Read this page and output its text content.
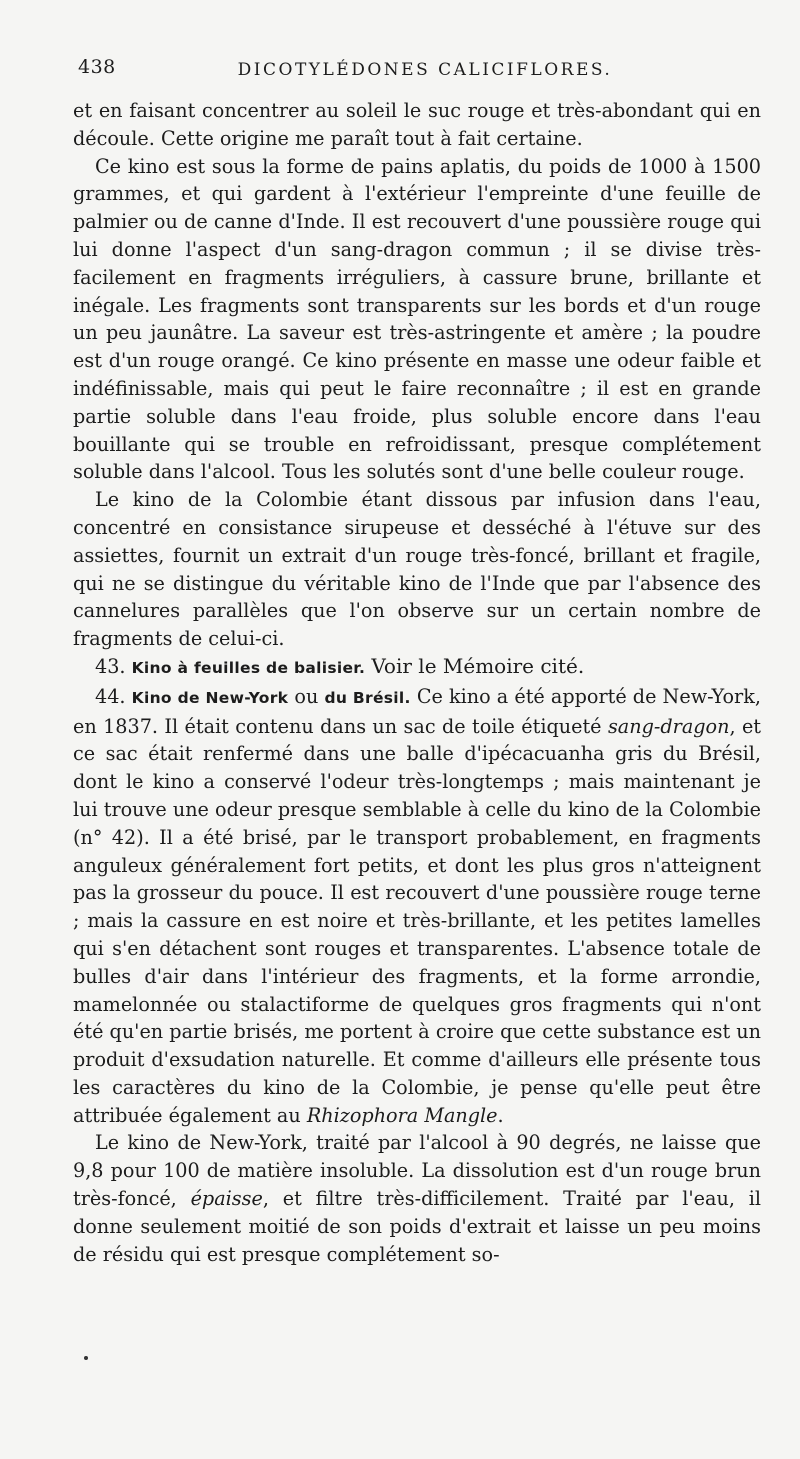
438	DICOTYLÉDONES CALICIFLORES.

et en faisant concentrer au soleil le suc rouge et très-abondant qui en découle. Cette origine me paraît tout à fait certaine.

Ce kino est sous la forme de pains aplatis, du poids de 1000 à 1500 grammes, et qui gardent à l'extérieur l'empreinte d'une feuille de palmier ou de canne d'Inde. Il est recouvert d'une poussière rouge qui lui donne l'aspect d'un sang-dragon commun ; il se divise très-facilement en fragments irréguliers, à cassure brune, brillante et inégale. Les fragments sont transparents sur les bords et d'un rouge un peu jaunâtre. La saveur est très-astringente et amère ; la poudre est d'un rouge orangé. Ce kino présente en masse une odeur faible et indéfinissable, mais qui peut le faire reconnaître ; il est en grande partie soluble dans l'eau froide, plus soluble encore dans l'eau bouillante qui se trouble en refroidissant, presque complétement soluble dans l'alcool. Tous les solutés sont d'une belle couleur rouge.

Le kino de la Colombie étant dissous par infusion dans l'eau, concentré en consistance sirupeuse et desséché à l'étuve sur des assiettes, fournit un extrait d'un rouge très-foncé, brillant et fragile, qui ne se distingue du véritable kino de l'Inde que par l'absence des cannelures parallèles que l'on observe sur un certain nombre de fragments de celui-ci.

43. Kino à feuilles de balisier. Voir le Mémoire cité.

44. Kino de New-York ou du Brésil. Ce kino a été apporté de New-York, en 1837. Il était contenu dans un sac de toile étiqueté sang-dragon, et ce sac était renfermé dans une balle d'ipécacuanha gris du Brésil, dont le kino a conservé l'odeur très-longtemps ; mais maintenant je lui trouve une odeur presque semblable à celle du kino de la Colombie (n° 42). Il a été brisé, par le transport probablement, en fragments anguleux généralement fort petits, et dont les plus gros n'atteignent pas la grosseur du pouce. Il est recouvert d'une poussière rouge terne ; mais la cassure en est noire et très-brillante, et les petites lamelles qui s'en détachent sont rouges et transparentes. L'absence totale de bulles d'air dans l'intérieur des fragments, et la forme arrondie, mamelonnée ou stalactiforme de quelques gros fragments qui n'ont été qu'en partie brisés, me portent à croire que cette substance est un produit d'exsudation naturelle. Et comme d'ailleurs elle présente tous les caractères du kino de la Colombie, je pense qu'elle peut être attribuée également au Rhizophora Mangle.

Le kino de New-York, traité par l'alcool à 90 degrés, ne laisse que 9,8 pour 100 de matière insoluble. La dissolution est d'un rouge brun très-foncé, épaisse, et filtre très-difficilement. Traité par l'eau, il donne seulement moitié de son poids d'extrait et laisse un peu moins de résidu qui est presque complétement so-
